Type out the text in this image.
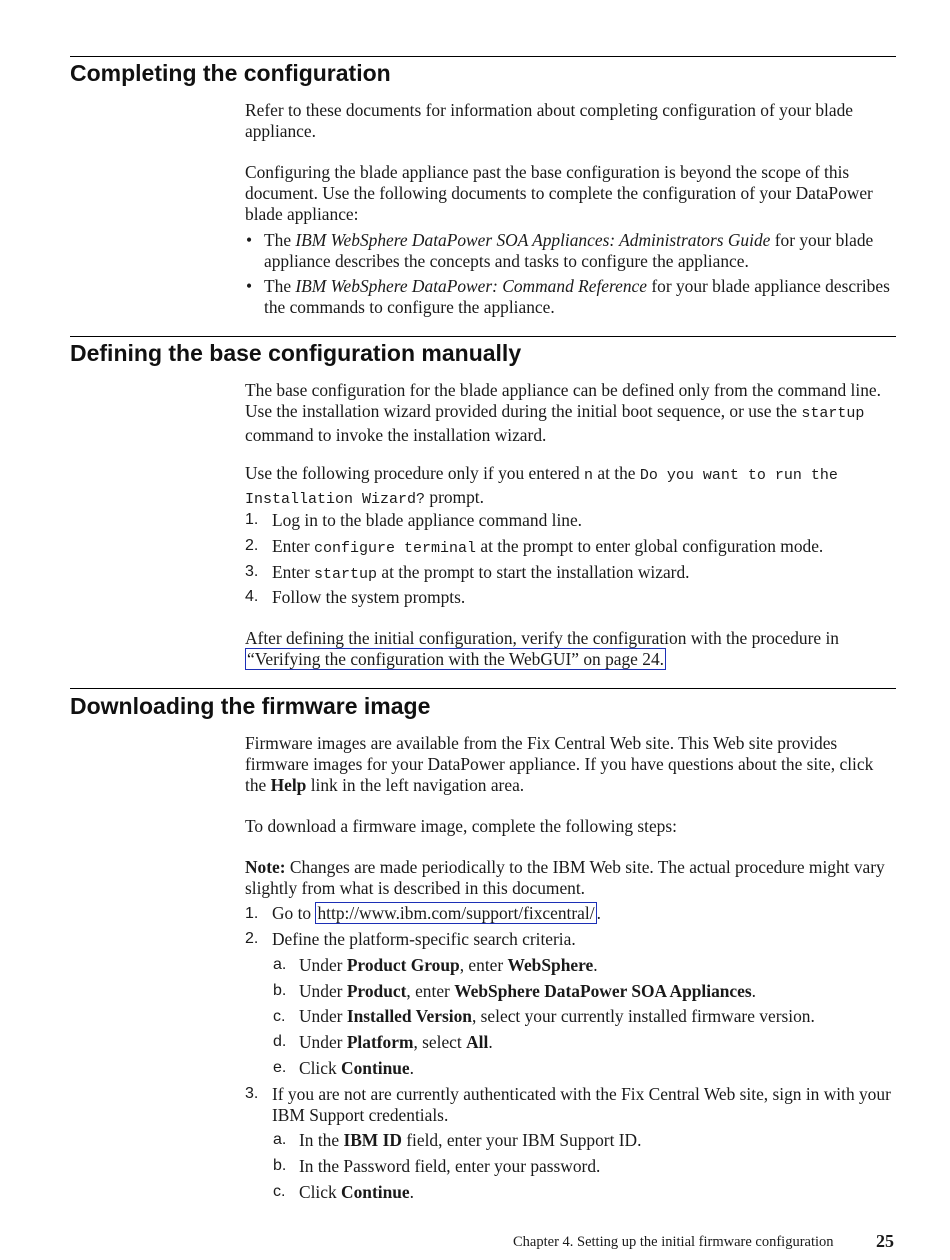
Completing the configuration

Refer to these documents for information about completing configuration of your blade appliance.

Configuring the blade appliance past the base configuration is beyond the scope of this document. Use the following documents to complete the configuration of your DataPower blade appliance:

• The IBM WebSphere DataPower SOA Appliances: Administrators Guide for your blade appliance describes the concepts and tasks to configure the appliance.

• The IBM WebSphere DataPower: Command Reference for your blade appliance describes the commands to configure the appliance.

Defining the base configuration manually

The base configuration for the blade appliance can be defined only from the command line. Use the installation wizard provided during the initial boot sequence, or use the startup command to invoke the installation wizard.

Use the following procedure only if you entered n at the Do you want to run the Installation Wizard? prompt.

1. Log in to the blade appliance command line.
2. Enter configure terminal at the prompt to enter global configuration mode.
3. Enter startup at the prompt to start the installation wizard.
4. Follow the system prompts.

After defining the initial configuration, verify the configuration with the procedure in “Verifying the configuration with the WebGUI” on page 24.

Downloading the firmware image

Firmware images are available from the Fix Central Web site. This Web site provides firmware images for your DataPower appliance. If you have questions about the site, click the Help link in the left navigation area.

To download a firmware image, complete the following steps:

Note: Changes are made periodically to the IBM Web site. The actual procedure might vary slightly from what is described in this document.

1. Go to http://www.ibm.com/support/fixcentral/ .
2. Define the platform-specific search criteria.
a. Under Product Group, enter WebSphere.
b. Under Product, enter WebSphere DataPower SOA Appliances.
c. Under Installed Version, select your currently installed firmware version.
d. Under Platform, select All.
e. Click Continue.
3. If you are not are currently authenticated with the Fix Central Web site, sign in with your IBM Support credentials.
a. In the IBM ID field, enter your IBM Support ID.
b. In the Password field, enter your password.
c. Click Continue.
Chapter 4. Setting up the initial firmware configuration 25
